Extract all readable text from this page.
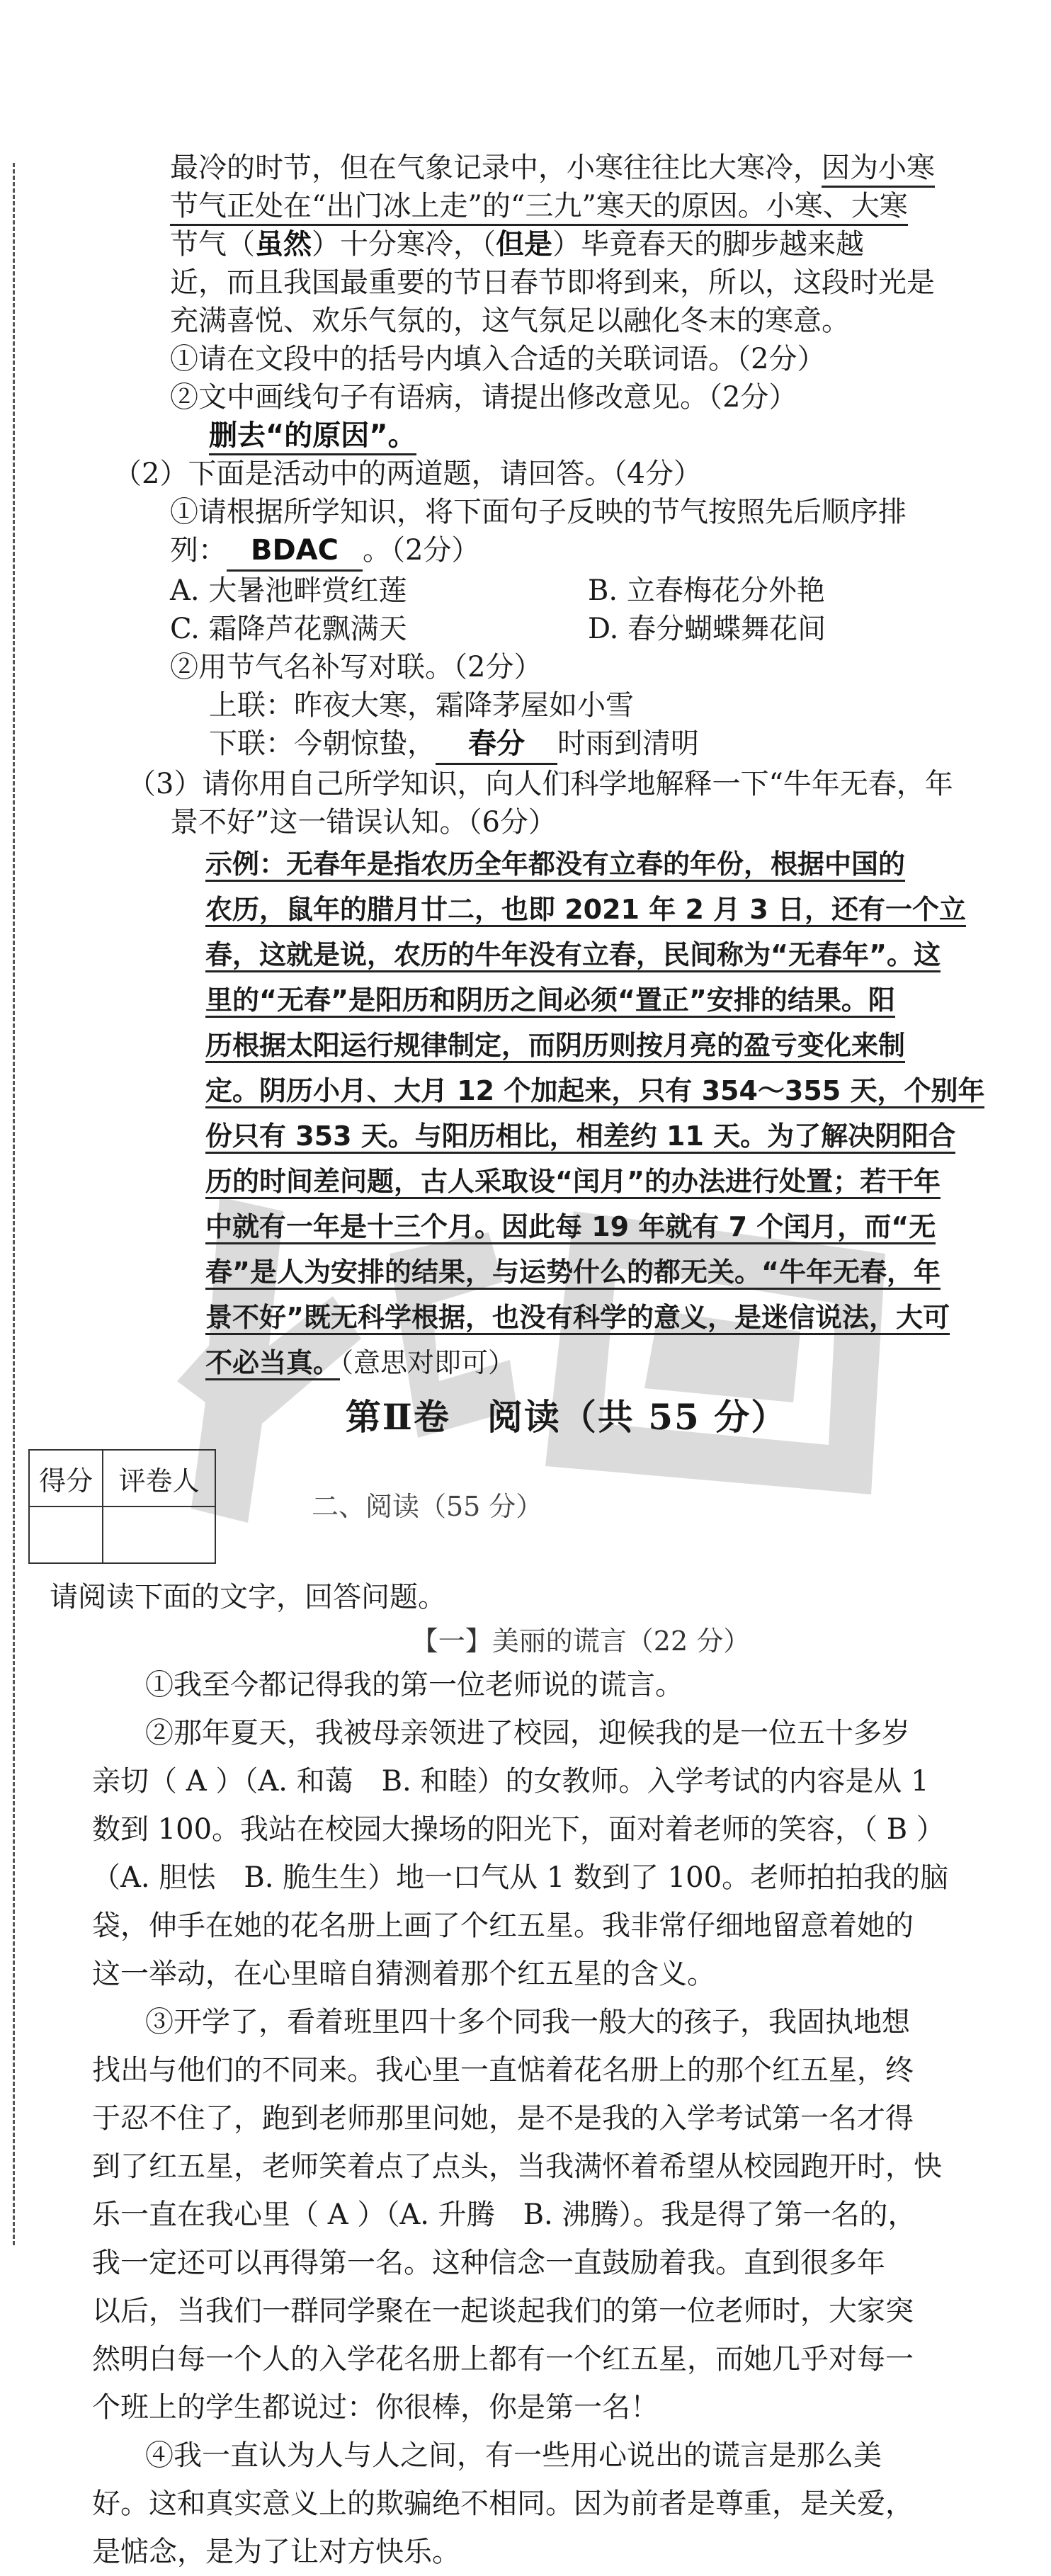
最冷的时节，但在气象记录中，小寒往往比大寒冷，因为小寒
节气正处在“出门冰上走”的“三九”寒天的原因。小寒、大寒
节气（虽然）十分寒冷，（但是）毕竟春天的脚步越来越
近，而且我国最重要的节日春节即将到来，所以，这段时光是
充满喜悦、欢乐气氛的，这气氛足以融化冬末的寒意。
①请在文段中的括号内填入合适的关联词语。（2分）
②文中画线句子有语病，请提出修改意见。（2分）
删去“的原因”。
（2）下面是活动中的两道题，请回答。（4分）
①请根据所学知识，将下面句子反映的节气按照先后顺序排
列： BDAC 。（2分）
A. 大暑池畔赏红莲	B. 立春梅花分外艳
C. 霜降芦花飘满天	D. 春分蝴蝶舞花间
②用节气名补写对联。（2分）
上联：昨夜大寒，霜降茅屋如小雪
下联：今朝惊蛰， 春分 时雨到清明
（3）请你用自己所学知识，向人们科学地解释一下“牛年无春，年
景不好”这一错误认知。（6分）
示例：无春年是指农历全年都没有立春的年份，根据中国的
农历，鼠年的腊月廿二，也即 2021 年 2 月 3 日，还有一个立
春，这就是说，农历的牛年没有立春，民间称为“无春年”。这
里的“无春”是阳历和阴历之间必须“置正”安排的结果。阳
历根据太阳运行规律制定，而阴历则按月亮的盈亏变化来制
定。阴历小月、大月 12 个加起来，只有 354～355 天，个别年
份只有 353 天。与阳历相比，相差约 11 天。为了解决阴阳合
历的时间差问题，古人采取设“闰月”的办法进行处置；若干年
中就有一年是十三个月。因此每 19 年就有 7 个闰月，而“无
春”是人为安排的结果，与运势什么的都无关。“牛年无春，年
景不好”既无科学根据，也没有科学的意义，是迷信说法，大可
不必当真。（意思对即可）
第Ⅱ卷　阅读（共 55 分）
得分	评卷人

二、阅读（55 分）
请阅读下面的文字，回答问题。
【一】美丽的谎言（22 分）
①我至今都记得我的第一位老师说的谎言。
②那年夏天，我被母亲领进了校园，迎候我的是一位五十多岁
亲切（ A ）（A. 和蔼　B. 和睦）的女教师。入学考试的内容是从 1
数到 100。我站在校园大操场的阳光下，面对着老师的笑容，（ B ）
（A. 胆怯　B. 脆生生）地一口气从 1 数到了 100。老师拍拍我的脑
袋，伸手在她的花名册上画了个红五星。我非常仔细地留意着她的
这一举动，在心里暗自猜测着那个红五星的含义。
③开学了，看着班里四十多个同我一般大的孩子，我固执地想
找出与他们的不同来。我心里一直惦着花名册上的那个红五星，终
于忍不住了，跑到老师那里问她，是不是我的入学考试第一名才得
到了红五星，老师笑着点了点头，当我满怀着希望从校园跑开时，快
乐一直在我心里（ A ）（A. 升腾　B. 沸腾）。我是得了第一名的，
我一定还可以再得第一名。这种信念一直鼓励着我。直到很多年
以后，当我们一群同学聚在一起谈起我们的第一位老师时，大家突
然明白每一个人的入学花名册上都有一个红五星，而她几乎对每一
个班上的学生都说过：你很棒，你是第一名！
④我一直认为人与人之间，有一些用心说出的谎言是那么美
好。这和真实意义上的欺骗绝不相同。因为前者是尊重，是关爱，
是惦念，是为了让对方快乐。
